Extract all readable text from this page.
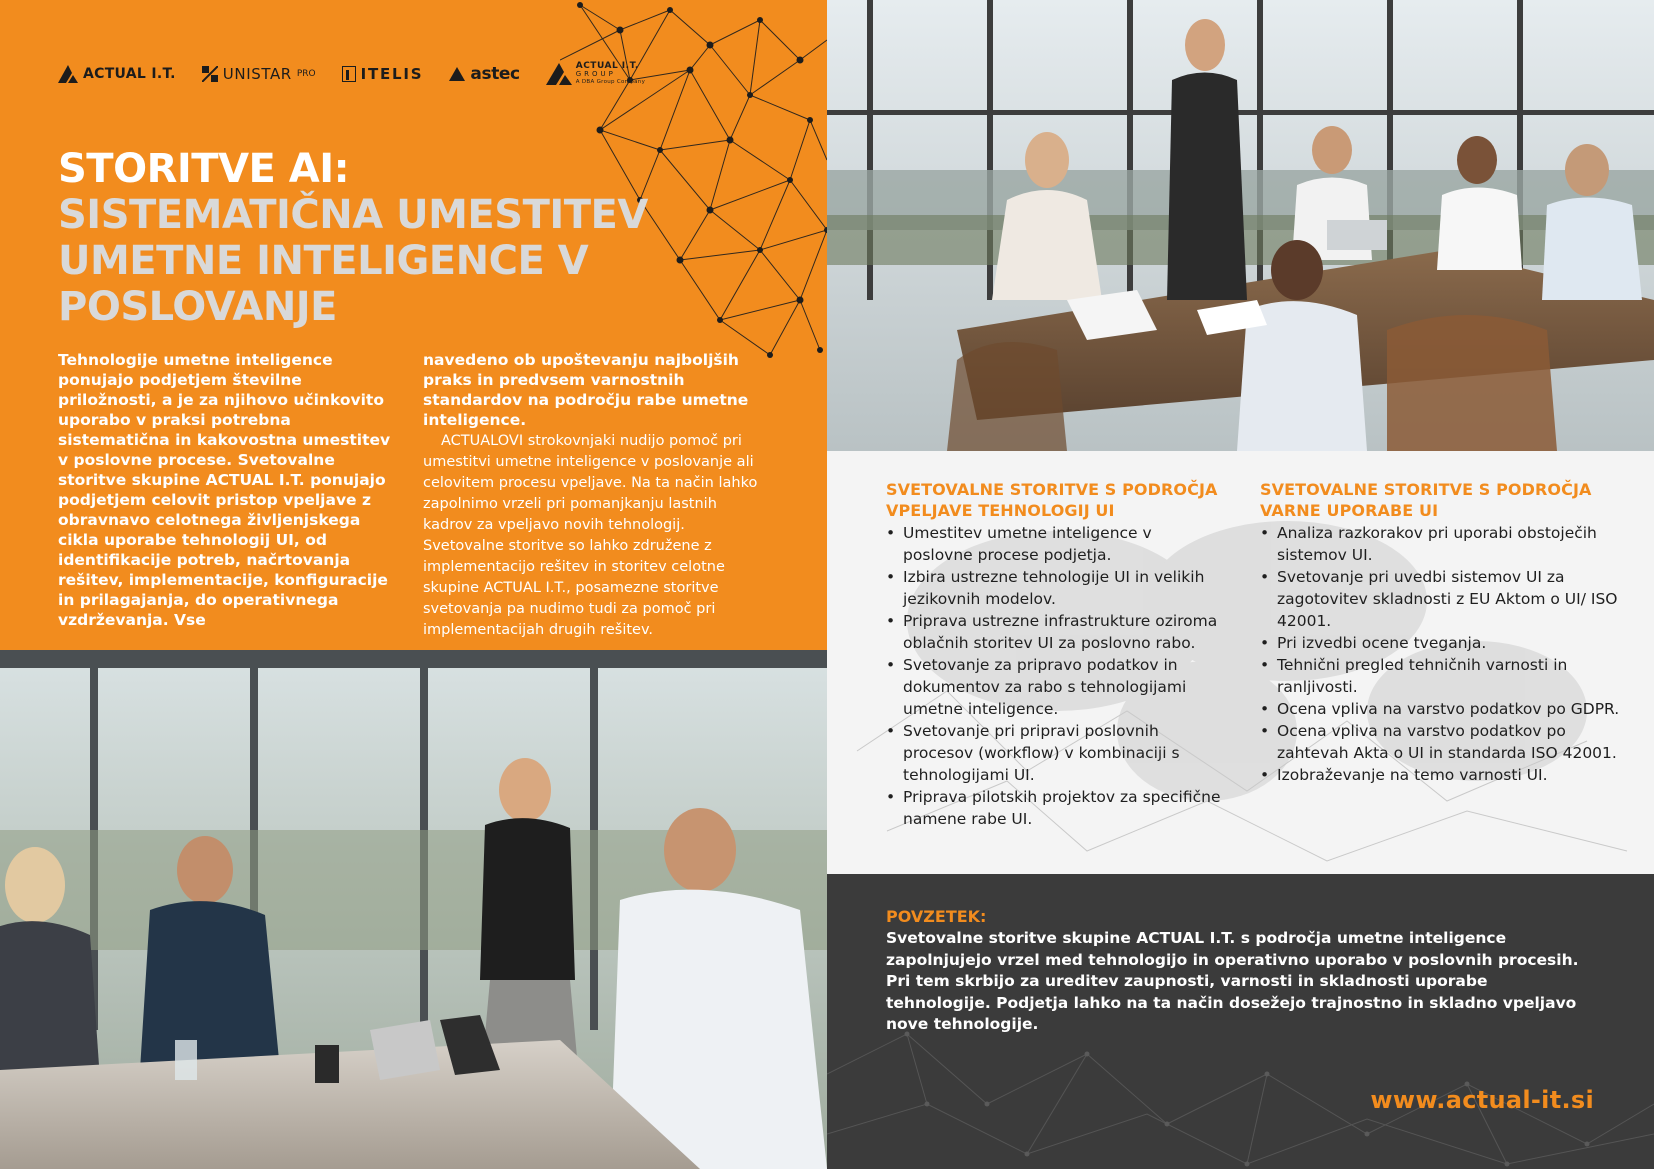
ACTUAL I.T.	UNISTAR PRO	ITELIS	astec	ACTUAL I.T.
GROUP
A DBA Group Company
STORITVE AI:
SISTEMATIČNA UMESTITEV UMETNE INTELIGENCE V POSLOVANJE
Tehnologije umetne inteligence ponujajo podjetjem številne priložnosti, a je za njihovo učinkovito uporabo v praksi potrebna sistematična in kakovostna umestitev v poslovne procese. Svetovalne storitve skupine ACTUAL I.T. ponujajo podjetjem celovit pristop vpeljave z obravnavo celotnega življenjskega cikla uporabe tehnologij UI, od identifikacije potreb, načrtovanja rešitev, implementacije, konfiguracije in prilagajanja, do operativnega vzdrževanja. Vse
navedeno ob upoštevanju najboljših praks in predvsem varnostnih standardov na področju rabe umetne inteligence.
ACTUALOVI strokovnjaki nudijo pomoč pri umestitvi umetne inteligence v poslovanje ali celovitem procesu vpeljave. Na ta način lahko zapolnimo vrzeli pri pomanjkanju lastnih kadrov za vpeljavo novih tehnologij. Svetovalne storitve so lahko združene z implementacijo rešitev in storitev celotne skupine ACTUAL I.T., posamezne storitve svetovanja pa nudimo tudi za pomoč pri implementacijah drugih rešitev.
SVETOVALNE STORITVE S PODROČJA VPELJAVE TEHNOLOGIJ UI
• Umestitev umetne inteligence v poslovne procese podjetja.
• Izbira ustrezne tehnologije UI in velikih jezikovnih modelov.
• Priprava ustrezne infrastrukture oziroma oblačnih storitev UI za poslovno rabo.
• Svetovanje za pripravo podatkov in dokumentov za rabo s tehnologijami umetne inteligence.
• Svetovanje pri pripravi poslovnih procesov (workflow) v kombinaciji s tehnologijami UI.
• Priprava pilotskih projektov za specifične namene rabe UI.
SVETOVALNE STORITVE S PODROČJA VARNE UPORABE UI
• Analiza razkorakov pri uporabi obstoječih sistemov UI.
• Svetovanje pri uvedbi sistemov UI za zagotovitev skladnosti z EU Aktom o UI/ ISO 42001.
• Pri izvedbi ocene tveganja.
• Tehnični pregled tehničnih varnosti in ranljivosti.
• Ocena vpliva na varstvo podatkov po GDPR.
• Ocena vpliva na varstvo podatkov po zahtevah Akta o UI in standarda ISO 42001.
• Izobraževanje na temo varnosti UI.
POVZETEK:

Svetovalne storitve skupine ACTUAL I.T. s področja umetne inteligence zapolnjujejo vrzel med tehnologijo in operativno uporabo v poslovnih procesih. Pri tem skrbijo za ureditev zaupnosti, varnosti in skladnosti uporabe tehnologije. Podjetja lahko na ta način dosežejo trajnostno in skladno vpeljavo nove tehnologije.

www.actual-it.si
